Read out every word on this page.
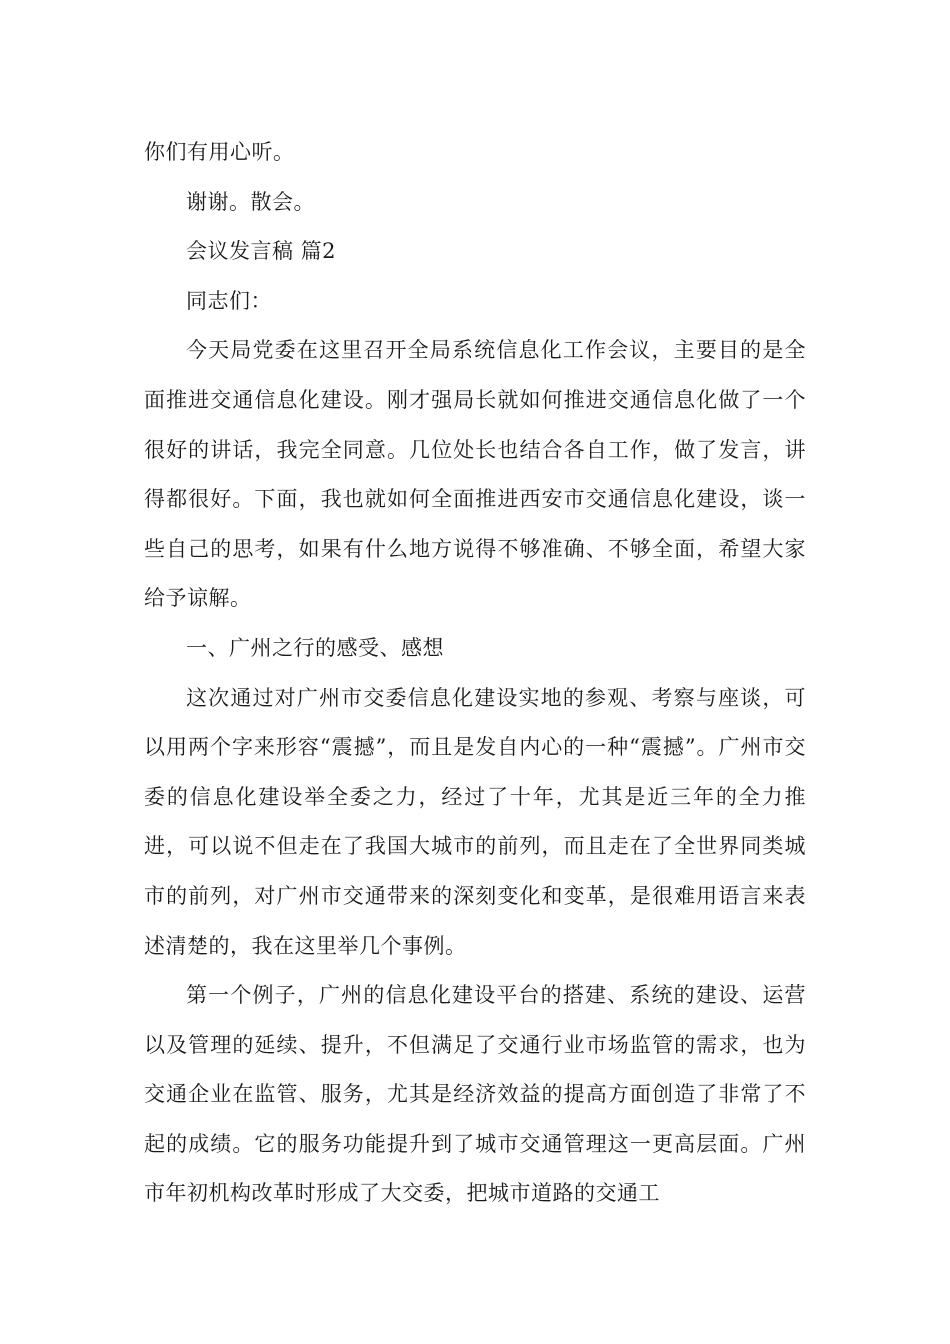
你们有用心听。

谢谢。散会。

会议发言稿 篇2

同志们：

今天局党委在这里召开全局系统信息化工作会议，主要目的是全面推进交通信息化建设。刚才强局长就如何推进交通信息化做了一个很好的讲话，我完全同意。几位处长也结合各自工作，做了发言，讲得都很好。下面，我也就如何全面推进西安市交通信息化建设，谈一些自己的思考，如果有什么地方说得不够准确、不够全面，希望大家给予谅解。

一、广州之行的感受、感想

这次通过对广州市交委信息化建设实地的参观、考察与座谈，可以用两个字来形容“震撼”，而且是发自内心的一种“震撼”。广州市交委的信息化建设举全委之力，经过了十年，尤其是近三年的全力推进，可以说不但走在了我国大城市的前列，而且走在了全世界同类城市的前列，对广州市交通带来的深刻变化和变革，是很难用语言来表述清楚的，我在这里举几个事例。

第一个例子，广州的信息化建设平台的搭建、系统的建设、运营以及管理的延续、提升，不但满足了交通行业市场监管的需求，也为交通企业在监管、服务，尤其是经济效益的提高方面创造了非常了不起的成绩。它的服务功能提升到了城市交通管理这一更高层面。广州市年初机构改革时形成了大交委，把城市道路的交通工
